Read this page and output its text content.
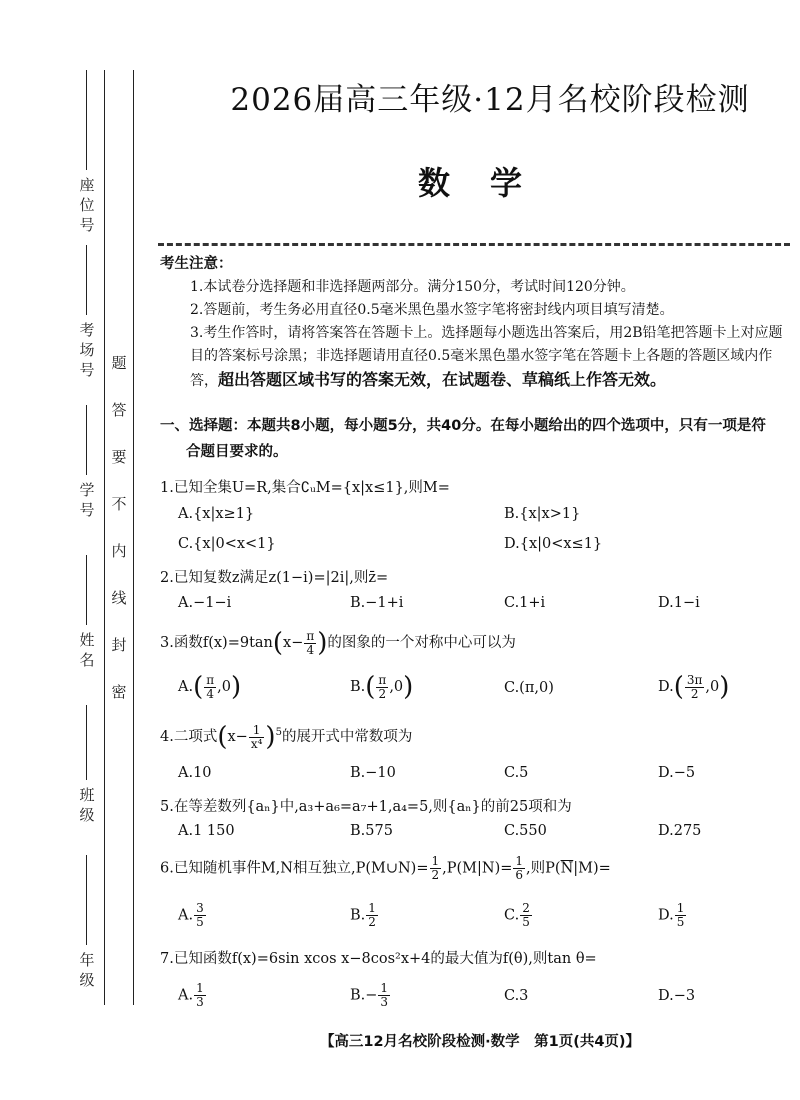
题
答
要
不
内
线
封
密
座位号
考场号
学号
姓名
班级
年级
2026届高三年级·12月名校阶段检测
数学
考生注意：
1.本试卷分选择题和非选择题两部分。满分150分，考试时间120分钟。
2.答题前，考生务必用直径0.5毫米黑色墨水签字笔将密封线内项目填写清楚。
3.考生作答时，请将答案答在答题卡上。选择题每小题选出答案后，用2B铅笔把答题卡上对应题目的答案标号涂黑；非选择题请用直径0.5毫米黑色墨水签字笔在答题卡上各题的答题区域内作答，超出答题区域书写的答案无效，在试题卷、草稿纸上作答无效。
一、选择题：本题共8小题，每小题5分，共40分。在每小题给出的四个选项中，只有一项是符
合题目要求的。
1.已知全集U=R,集合∁ᵤM={x|x≤1},则M=
A.{x|x≥1}	B.{x|x>1}
C.{x|0<x<1}	D.{x|0<x≤1}
2.已知复数z满足z(1−i)=|2i|,则z̄=
A.−1−i	B.−1+i	C.1+i	D.1−i
3.函数$f(x)=9\tan(x- \frac{\pi}{4}$ )的图象的一个对称中心可以为
$A.( \frac{\pi}{4} ,0)$	$B.( \frac{\pi}{2} ,0)$	C.(π,0)	$D.( \frac{3\pi}{2} ,0)$
4.二项式$(x- \frac{1}{\text{x⁴}} )^5$的展开式中常数项为
A.10	B.−10	C.5	D.−5
5.在等差数列{aₙ}中,a₃+a₆=a₇+1,a₄=5,则{aₙ}的前25项和为
A.1 150	B.575	C.550	D.275
6.已知随机事件M,N相互独立,P(M∪N)= $\frac{1}{2} ,P(M|N)= \frac{1}{6}$ ,则$P(\overline{N}|M)=$
A. $\frac{3}{5}$	B. $\frac{1}{2}$	C. $\frac{2}{5}$	D. $\frac{1}{5}$
7.已知函数f(x)=6sin xcos x−8cos²x+4的最大值为f(θ),则tan θ=
A. $\frac{1}{3}$	$B.- \frac{1}{3}$	C.3	D.−3
【高三12月名校阶段检测·数学　第1页(共4页)】
